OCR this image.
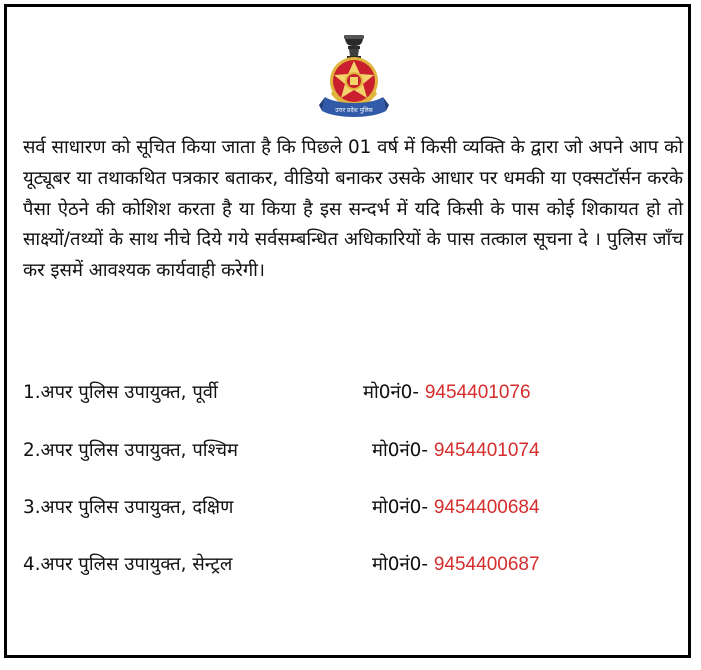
उत्तर प्रदेश पुलिस

सर्व साधारण को सूचित किया जाता है कि पिछले 01 वर्ष में किसी व्यक्ति के द्वारा जो अपने आप को यूट्यूबर या तथाकथित पत्रकार बताकर, वीडियो बनाकर उसके आधार पर धमकी या एक्सटॉर्सन करके पैसा ऐठने की कोशिश करता है या किया है इस सन्दर्भ में यदि किसी के पास कोई शिकायत हो तो साक्ष्यों/तथ्यों के साथ नीचे दिये गये सर्वसम्बन्धित अधिकारियों के पास तत्काल सूचना दे । पुलिस जाँच कर इसमें आवश्यक कार्यवाही करेगी।

1.अपर पुलिस उपायुक्त, पूर्वी	मो0नं0- 9454401076
2.अपर पुलिस उपायुक्त, पश्चिम	मो0नं0- 9454401074
3.अपर पुलिस उपायुक्त, दक्षिण	मो0नं0- 9454400684
4.अपर पुलिस उपायुक्त, सेन्ट्रल	मो0नं0- 9454400687
